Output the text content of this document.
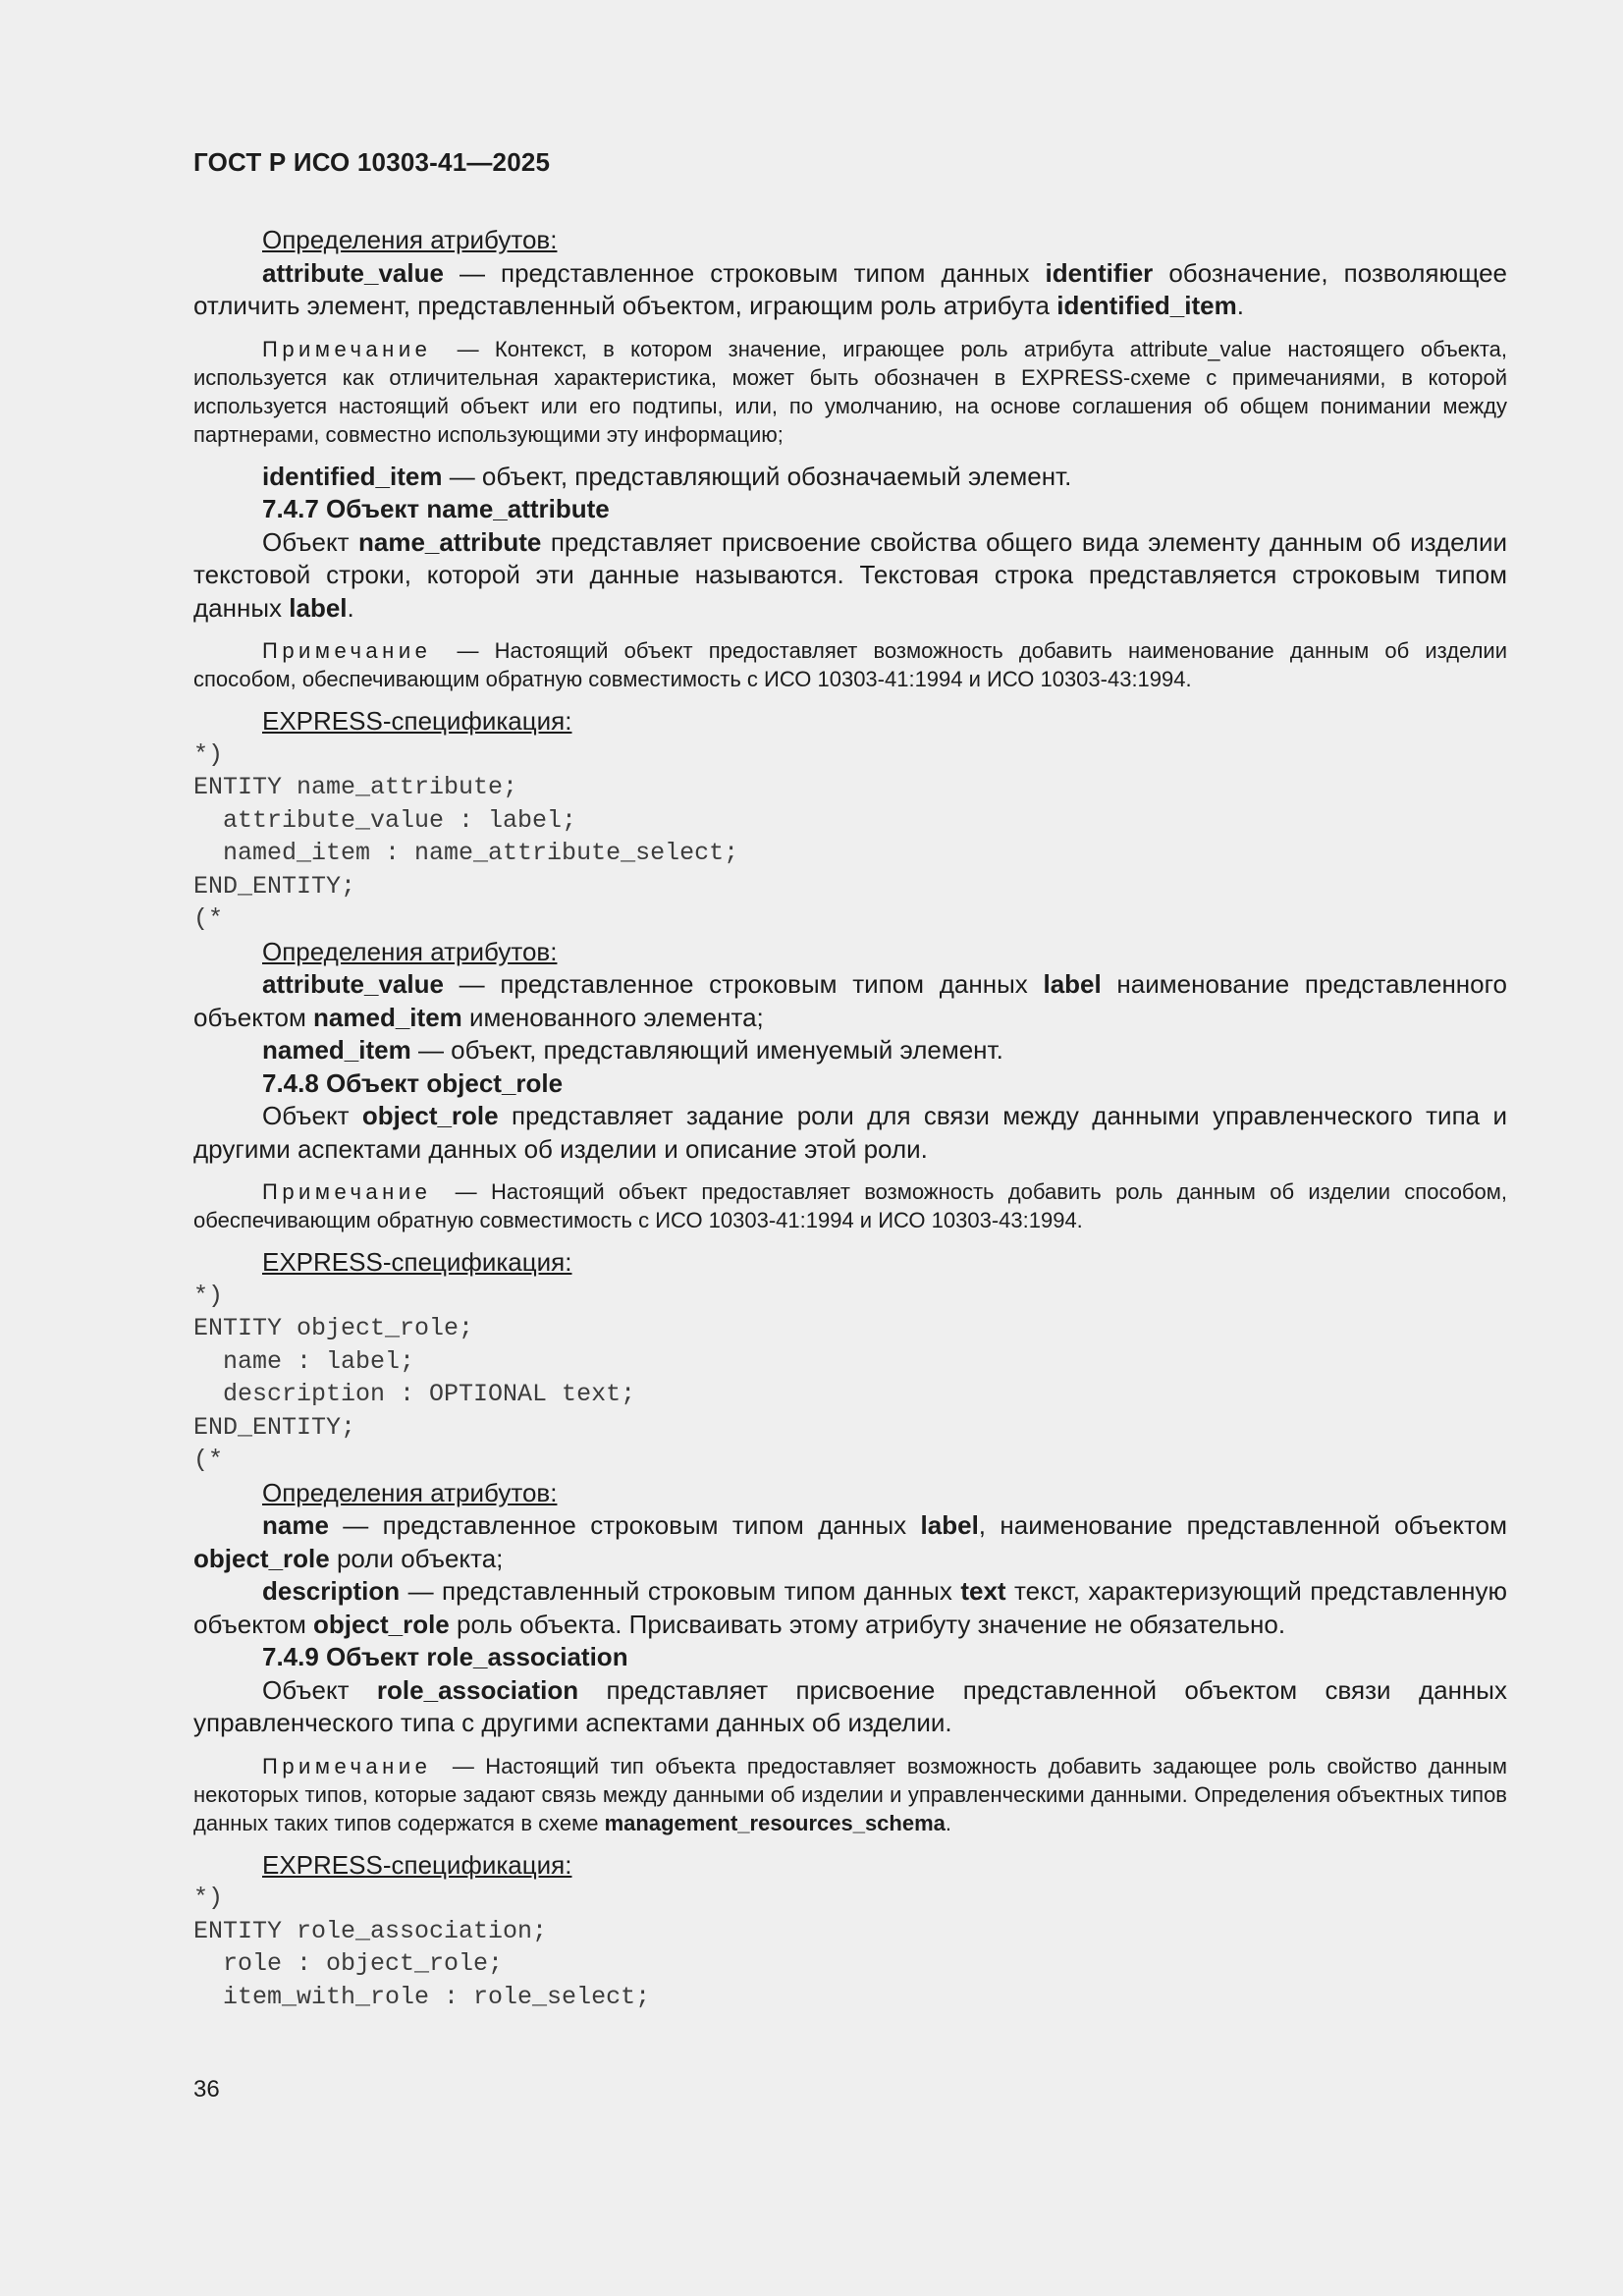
ГОСТ Р ИСО 10303-41—2025

Определения атрибутов:

attribute_value — представленное строковым типом данных identifier обозначение, позволяющее отличить элемент, представленный объектом, играющим роль атрибута identified_item.

Примечание — Контекст, в котором значение, играющее роль атрибута attribute_value настоящего объекта, используется как отличительная характеристика, может быть обозначен в EXPRESS-схеме с примечаниями, в которой используется настоящий объект или его подтипы, или, по умолчанию, на основе соглашения об общем понимании между партнерами, совместно использующими эту информацию;

identified_item — объект, представляющий обозначаемый элемент.

7.4.7 Объект name_attribute

Объект name_attribute представляет присвоение свойства общего вида элементу данным об изделии текстовой строки, которой эти данные называются. Текстовая строка представляется строковым типом данных label.

Примечание — Настоящий объект предоставляет возможность добавить наименование данным об изделии способом, обеспечивающим обратную совместимость с ИСО 10303-41:1994 и ИСО 10303-43:1994.

EXPRESS-спецификация:

*)
ENTITY name_attribute;
attribute_value : label;
named_item : name_attribute_select;
END_ENTITY;
(*

Определения атрибутов:

attribute_value — представленное строковым типом данных label наименование представленного объектом named_item именованного элемента;

named_item — объект, представляющий именуемый элемент.

7.4.8 Объект object_role

Объект object_role представляет задание роли для связи между данными управленческого типа и другими аспектами данных об изделии и описание этой роли.

Примечание — Настоящий объект предоставляет возможность добавить роль данным об изделии способом, обеспечивающим обратную совместимость с ИСО 10303-41:1994 и ИСО 10303-43:1994.

EXPRESS-спецификация:

*)
ENTITY object_role;
name : label;
description : OPTIONAL text;
END_ENTITY;
(*

Определения атрибутов:

name — представленное строковым типом данных label, наименование представленной объектом object_role роли объекта;

description — представленный строковым типом данных text текст, характеризующий представленную объектом object_role роль объекта. Присваивать этому атрибуту значение не обязательно.

7.4.9 Объект role_association

Объект role_association представляет присвоение представленной объектом связи данных управленческого типа с другими аспектами данных об изделии.

Примечание — Настоящий тип объекта предоставляет возможность добавить задающее роль свойство данным некоторых типов, которые задают связь между данными об изделии и управленческими данными. Определения объектных типов данных таких типов содержатся в схеме management_resources_schema.

EXPRESS-спецификация:

*)
ENTITY role_association;
role : object_role;
item_with_role : role_select;
36
